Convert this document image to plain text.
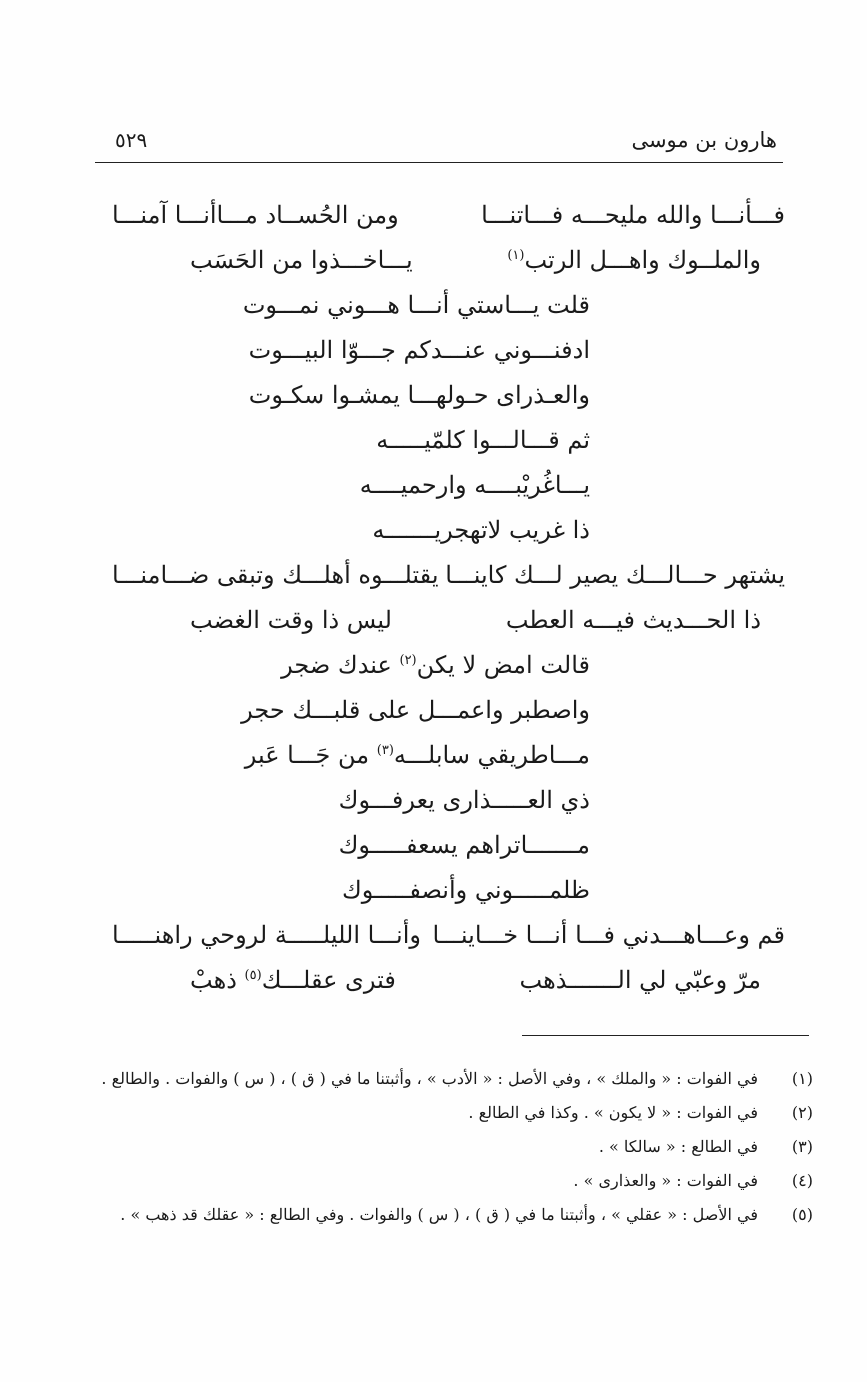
هارون بن موسى
٥٢٩
فـــأنـــا والله مليحـــه فـــاتنـــا
ومن الحُســاد مـــاأنـــا آمنـــا
والملــوك واهـــل الرتب$^{(١)}$
يـــاخـــذوا من الحَسَب
قلت يـــاستي أنـــا هـــوني نمـــوت
ادفنـــوني عنـــدكم جـــوّا البيـــوت
والعـذراى حـولهـــا يمشـوا سكـوت
ثم قـــالـــوا كلمّيـــــه
يـــاغُريْبــــه وارحميــــه
ذا غريب لاتهجريـــــــه
يشتهر حـــالـــك يصير لـــك كاينـــا
يقتلـــوه أهلـــك وتبقى ضـــامنـــا
ذا الحـــديث فيـــه العطب
ليس ذا وقت الغضب
قالت امض لا يكن$^{(٢)}$ عندك ضجر
واصطبر واعمـــل على قلبـــك حجر
مـــاطريقي سابلـــه$^{(٣)}$ من جَـــا عَبر
ذي العـــــذارى يعرفـــوك
مـــــــاتراهم يسعفـــــوك
ظلمـــــوني وأنصفـــــوك
قم وعـــاهـــدني فـــا أنـــا خـــاينـــا
وأنـــا الليلـــــة لروحي راهنـــــا
مرّ وعبّي لي الـــــــذهب
فترى عقلـــك$^{(٥)}$ ذهبْ
(١)
في الفوات : « والملك » ، وفي الأصل : « الأدب » ، وأثبتنا ما في ( ق ) ، ( س ) والفوات . والطالع .
(٢)
في الفوات : « لا يكون » . وكذا في الطالع .
(٣)
في الطالع : « سالكا » .
(٤)
في الفوات : « والعذارى » .
(٥)
في الأصل : « عقلي » ، وأثبتنا ما في ( ق ) ، ( س ) والفوات . وفي الطالع : « عقلك قد ذهب » .
